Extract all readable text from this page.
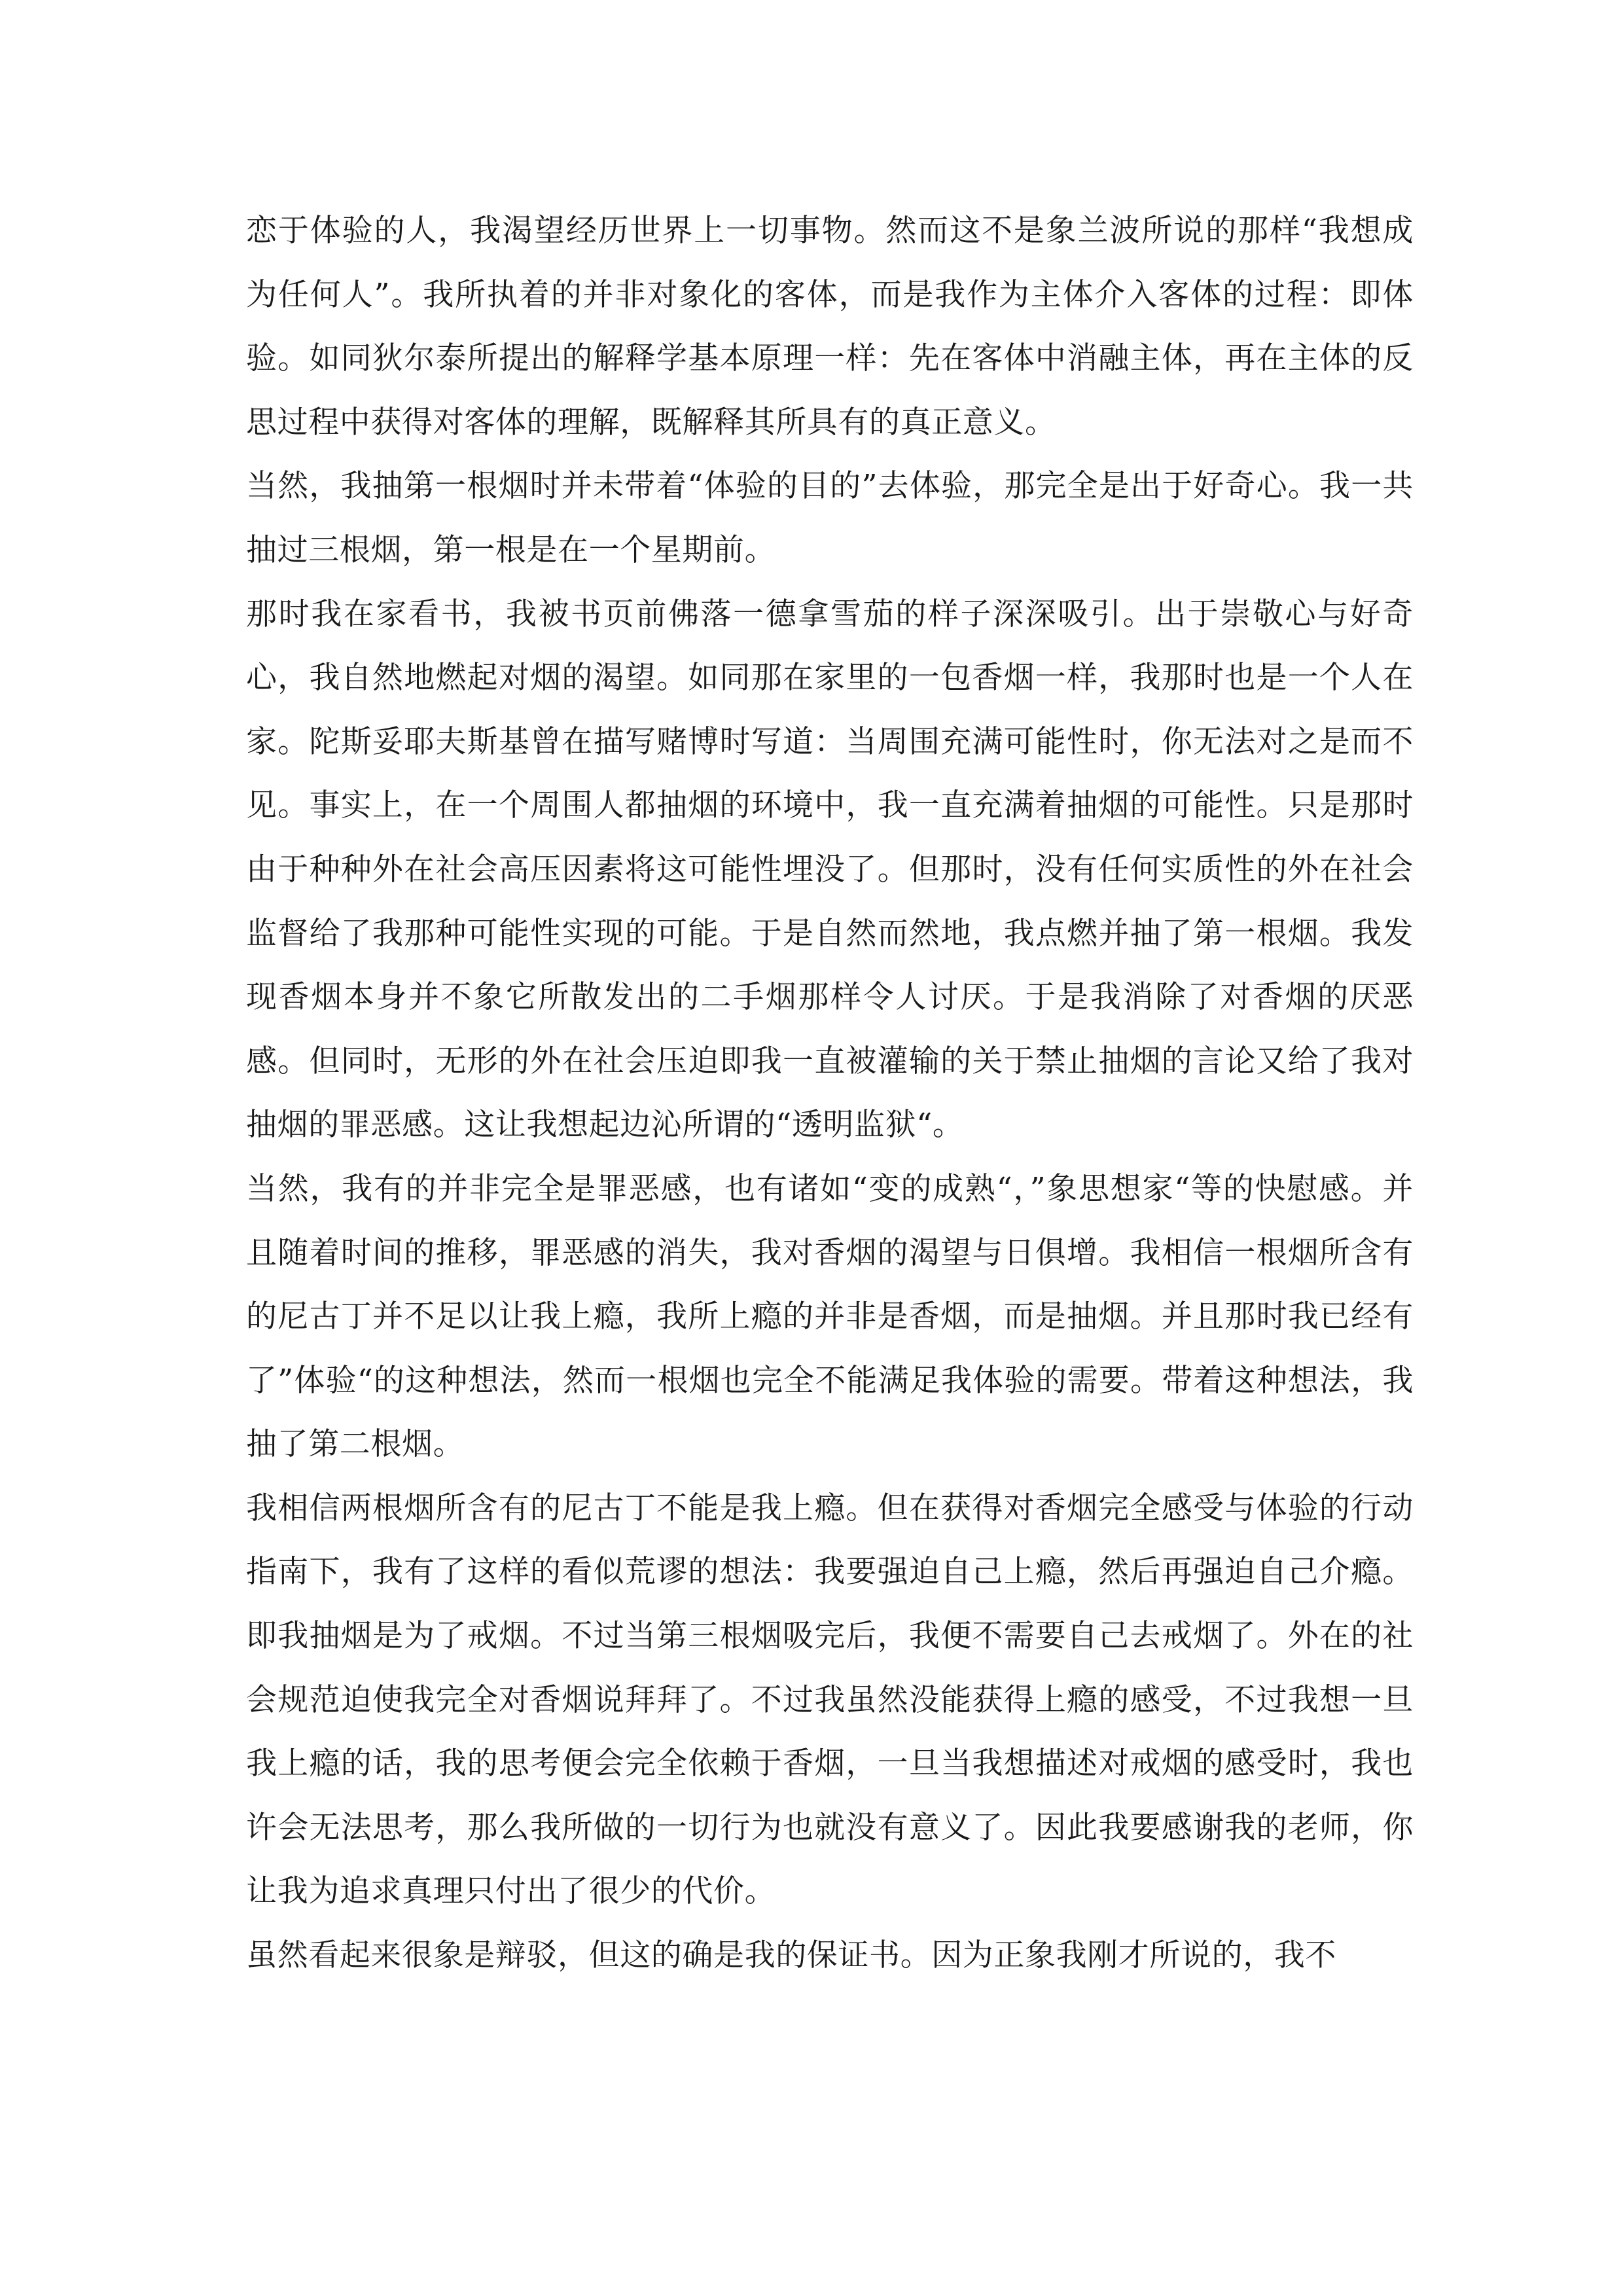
恋于体验的人，我渴望经历世界上一切事物。然而这不是象兰波所说的那样“我想成为任何人”。我所执着的并非对象化的客体，而是我作为主体介入客体的过程：即体验。如同狄尔泰所提出的解释学基本原理一样：先在客体中消融主体，再在主体的反思过程中获得对客体的理解，既解释其所具有的真正意义。

当然，我抽第一根烟时并未带着“体验的目的”去体验，那完全是出于好奇心。我一共抽过三根烟，第一根是在一个星期前。

那时我在家看书，我被书页前佛落一德拿雪茄的样子深深吸引。出于崇敬心与好奇心，我自然地燃起对烟的渴望。如同那在家里的一包香烟一样，我那时也是一个人在家。陀斯妥耶夫斯基曾在描写赌博时写道：当周围充满可能性时，你无法对之是而不见。事实上，在一个周围人都抽烟的环境中，我一直充满着抽烟的可能性。只是那时由于种种外在社会高压因素将这可能性埋没了。但那时，没有任何实质性的外在社会监督给了我那种可能性实现的可能。于是自然而然地，我点燃并抽了第一根烟。我发现香烟本身并不象它所散发出的二手烟那样令人讨厌。于是我消除了对香烟的厌恶感。但同时，无形的外在社会压迫即我一直被灌输的关于禁止抽烟的言论又给了我对抽烟的罪恶感。这让我想起边沁所谓的“透明监狱“。

当然，我有的并非完全是罪恶感，也有诸如“变的成熟“，”象思想家“等的快慰感。并且随着时间的推移，罪恶感的消失，我对香烟的渴望与日俱增。我相信一根烟所含有的尼古丁并不足以让我上瘾，我所上瘾的并非是香烟，而是抽烟。并且那时我已经有了”体验“的这种想法，然而一根烟也完全不能满足我体验的需要。带着这种想法，我抽了第二根烟。

我相信两根烟所含有的尼古丁不能是我上瘾。但在获得对香烟完全感受与体验的行动指南下，我有了这样的看似荒谬的想法：我要强迫自己上瘾，然后再强迫自己介瘾。即我抽烟是为了戒烟。不过当第三根烟吸完后，我便不需要自己去戒烟了。外在的社会规范迫使我完全对香烟说拜拜了。不过我虽然没能获得上瘾的感受，不过我想一旦我上瘾的话，我的思考便会完全依赖于香烟，一旦当我想描述对戒烟的感受时，我也许会无法思考，那么我所做的一切行为也就没有意义了。因此我要感谢我的老师，你让我为追求真理只付出了很少的代价。

虽然看起来很象是辩驳，但这的确是我的保证书。因为正象我刚才所说的，我不
